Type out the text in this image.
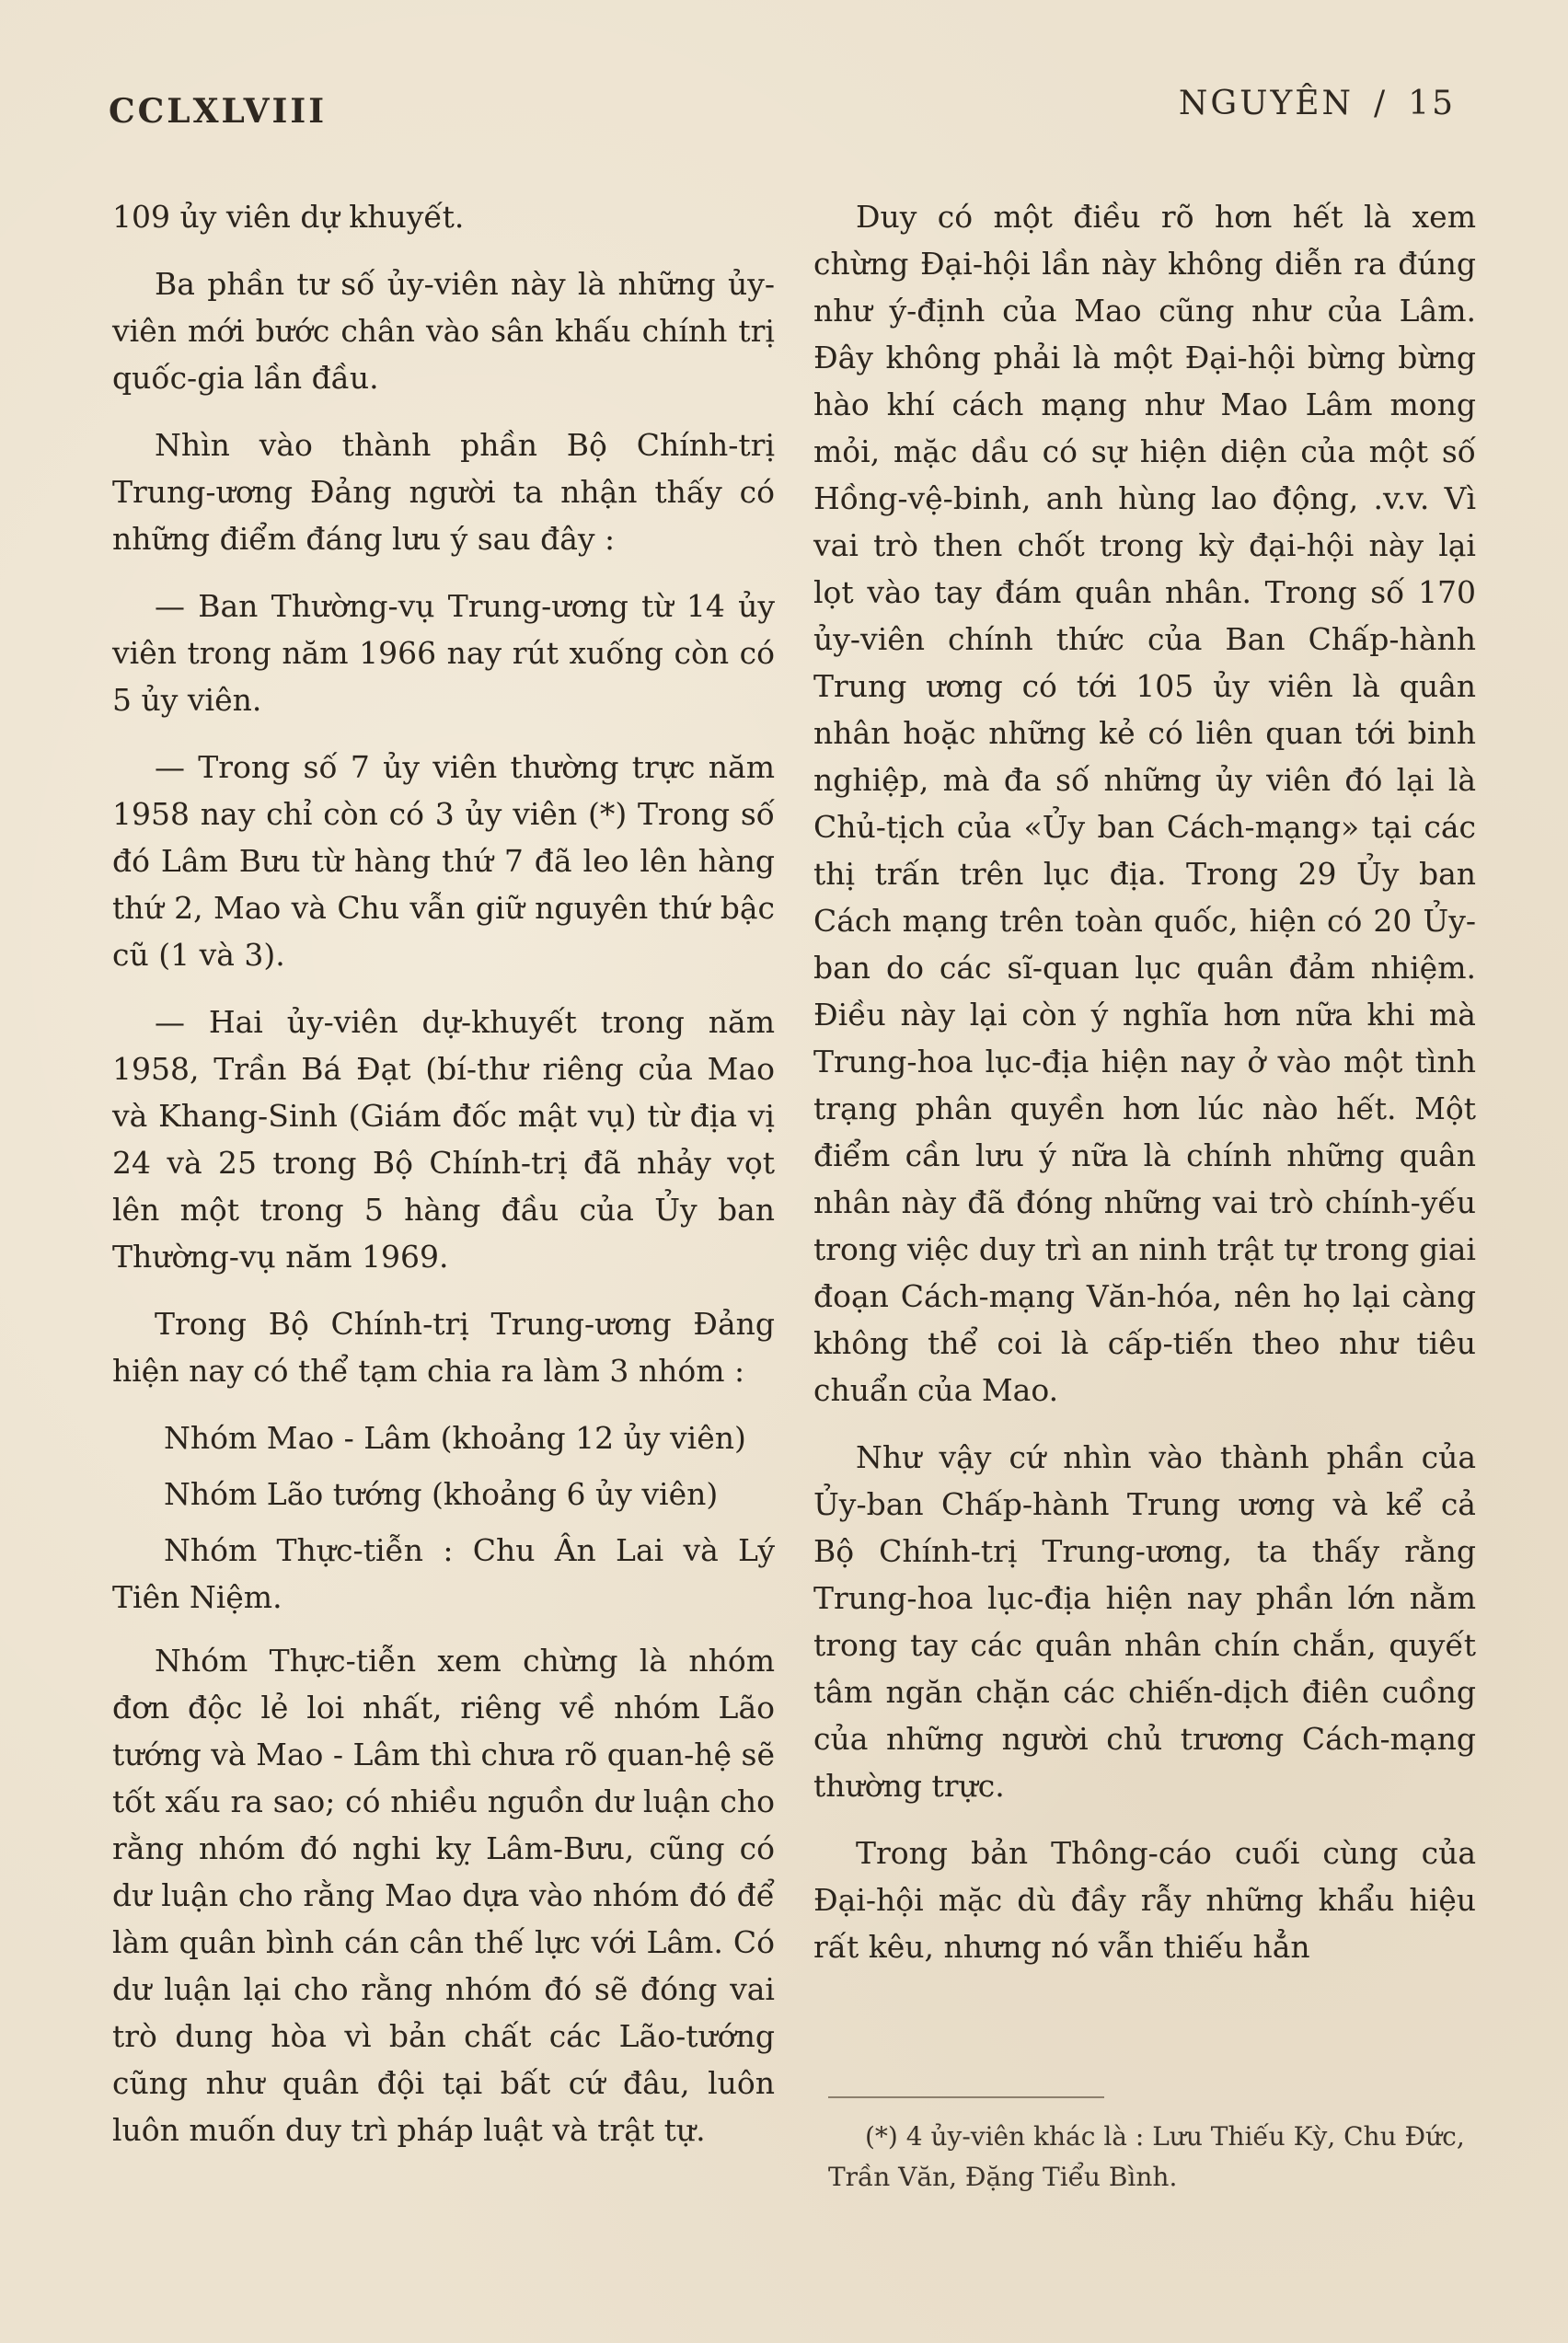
CCLXLVIII	NGUYÊN / 15

109 ủy viên dự khuyết.

Ba phần tư số ủy-viên này là những ủy-viên mới bước chân vào sân khấu chính trị quốc-gia lần đầu.

Nhìn vào thành phần Bộ Chính-trị Trung-ương Đảng người ta nhận thấy có những điểm đáng lưu ý sau đây :

— Ban Thường-vụ Trung-ương từ 14 ủy viên trong năm 1966 nay rút xuống còn có 5 ủy viên.

— Trong số 7 ủy viên thường trực năm 1958 nay chỉ còn có 3 ủy viên (*) Trong số đó Lâm Bưu từ hàng thứ 7 đã leo lên hàng thứ 2, Mao và Chu vẫn giữ nguyên thứ bậc cũ (1 và 3).

— Hai ủy-viên dự-khuyết trong năm 1958, Trần Bá Đạt (bí-thư riêng của Mao và Khang-Sinh (Giám đốc mật vụ) từ địa vị 24 và 25 trong Bộ Chính-trị đã nhảy vọt lên một trong 5 hàng đầu của Ủy ban Thường-vụ năm 1969.

Trong Bộ Chính-trị Trung-ương Đảng hiện nay có thể tạm chia ra làm 3 nhóm :

Nhóm Mao - Lâm (khoảng 12 ủy viên)

Nhóm Lão tướng (khoảng 6 ủy viên)

Nhóm Thực-tiễn : Chu Ân Lai và Lý Tiên Niệm.

Nhóm Thực-tiễn xem chừng là nhóm đơn độc lẻ loi nhất, riêng về nhóm Lão tướng và Mao - Lâm thì chưa rõ quan-hệ sẽ tốt xấu ra sao; có nhiều nguồn dư luận cho rằng nhóm đó nghi kỵ Lâm-Bưu, cũng có dư luận cho rằng Mao dựa vào nhóm đó để làm quân bình cán cân thế lực với Lâm. Có dư luận lại cho rằng nhóm đó sẽ đóng vai trò dung hòa vì bản chất các Lão-tướng cũng như quân đội tại bất cứ đâu, luôn luôn muốn duy trì pháp luật và trật tự.

Duy có một điều rõ hơn hết là xem chừng Đại-hội lần này không diễn ra đúng như ý-định của Mao cũng như của Lâm. Đây không phải là một Đại-hội bừng bừng hào khí cách mạng như Mao Lâm mong mỏi, mặc dầu có sự hiện diện của một số Hồng-vệ-binh, anh hùng lao động, .v.v. Vì vai trò then chốt trong kỳ đại-hội này lại lọt vào tay đám quân nhân. Trong số 170 ủy-viên chính thức của Ban Chấp-hành Trung ương có tới 105 ủy viên là quân nhân hoặc những kẻ có liên quan tới binh nghiệp, mà đa số những ủy viên đó lại là Chủ-tịch của «Ủy ban Cách-mạng» tại các thị trấn trên lục địa. Trong 29 Ủy ban Cách mạng trên toàn quốc, hiện có 20 Ủy-ban do các sĩ-quan lục quân đảm nhiệm. Điều này lại còn ý nghĩa hơn nữa khi mà Trung-hoa lục-địa hiện nay ở vào một tình trạng phân quyền hơn lúc nào hết. Một điểm cần lưu ý nữa là chính những quân nhân này đã đóng những vai trò chính-yếu trong việc duy trì an ninh trật tự trong giai đoạn Cách-mạng Văn-hóa, nên họ lại càng không thể coi là cấp-tiến theo như tiêu chuẩn của Mao.

Như vậy cứ nhìn vào thành phần của Ủy-ban Chấp-hành Trung ương và kể cả Bộ Chính-trị Trung-ương, ta thấy rằng Trung-hoa lục-địa hiện nay phần lớn nằm trong tay các quân nhân chín chắn, quyết tâm ngăn chặn các chiến-dịch điên cuồng của những người chủ trương Cách-mạng thường trực.

Trong bản Thông-cáo cuối cùng của Đại-hội mặc dù đầy rẫy những khẩu hiệu rất kêu, nhưng nó vẫn thiếu hẳn

(*) 4 ủy-viên khác là : Lưu Thiếu Kỳ, Chu Đức, Trần Văn, Đặng Tiểu Bình.
